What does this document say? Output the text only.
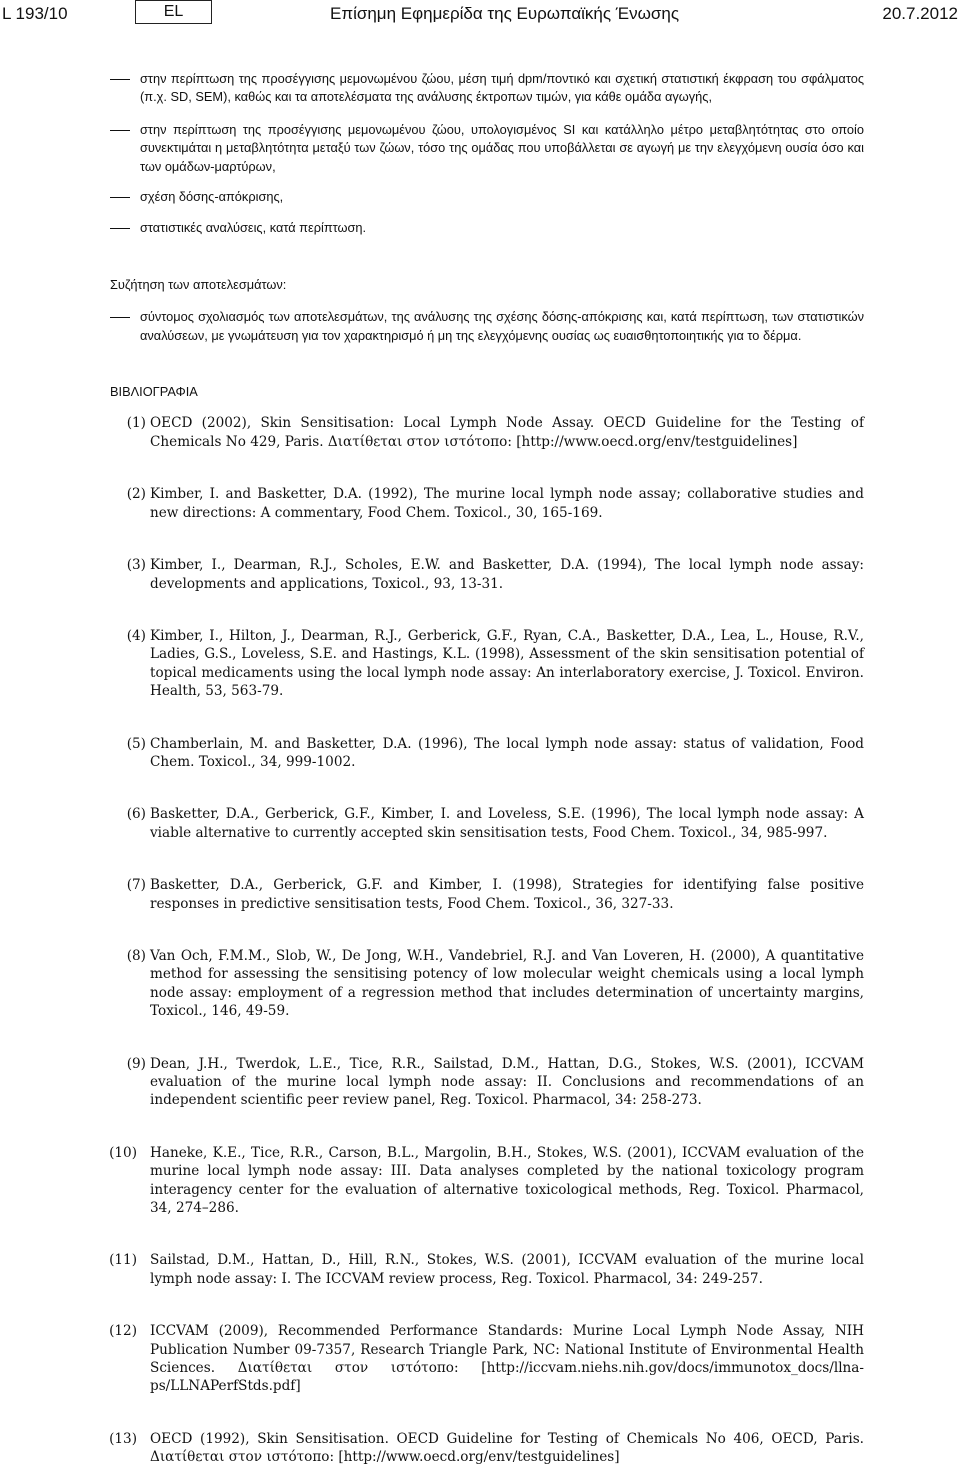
L 193/10	EL	Επίσημη Εφημερίδα της Ευρωπαϊκής Ένωσης	20.7.2012

στην περίπτωση της προσέγγισης μεμονωμένου ζώου, μέση τιμή dpm/ποντικό και σχετική στατιστική έκφραση του σφάλματος (π.χ. SD, SEM), καθώς και τα αποτελέσματα της ανάλυσης έκτροπων τιμών, για κάθε ομάδα αγωγής,

στην περίπτωση της προσέγγισης μεμονωμένου ζώου, υπολογισμένος SI και κατάλληλο μέτρο μεταβλητότητας στο οποίο συνεκτιμάται η μεταβλητότητα μεταξύ των ζώων, τόσο της ομάδας που υποβάλλεται σε αγωγή με την ελεγχόμενη ουσία όσο και των ομάδων-μαρτύρων,

σχέση δόσης-απόκρισης,

στατιστικές αναλύσεις, κατά περίπτωση.

Συζήτηση των αποτελεσμάτων:

σύντομος σχολιασμός των αποτελεσμάτων, της ανάλυσης της σχέσης δόσης-απόκρισης και, κατά περίπτωση, των στατιστικών αναλύσεων, με γνωμάτευση για τον χαρακτηρισμό ή μη της ελεγχόμενης ουσίας ως ευαισθητοποιητικής για το δέρμα.

ΒΙΒΛΙΟΓΡΑΦΙΑ

(1) OECD (2002), Skin Sensitisation: Local Lymph Node Assay. OECD Guideline for the Testing of Chemicals No 429, Paris. Διατίθεται στον ιστότοπο: [http://www.oecd.org/env/testguidelines]

(2) Kimber, I. and Basketter, D.A. (1992), The murine local lymph node assay; collaborative studies and new directions: A commentary, Food Chem. Toxicol., 30, 165-169.

(3) Kimber, I., Dearman, R.J., Scholes, E.W. and Basketter, D.A. (1994), The local lymph node assay: developments and applications, Toxicol., 93, 13-31.

(4) Kimber, I., Hilton, J., Dearman, R.J., Gerberick, G.F., Ryan, C.A., Basketter, D.A., Lea, L., House, R.V., Ladies, G.S., Loveless, S.E. and Hastings, K.L. (1998), Assessment of the skin sensitisation potential of topical medicaments using the local lymph node assay: An interlaboratory exercise, J. Toxicol. Environ. Health, 53, 563-79.

(5) Chamberlain, M. and Basketter, D.A. (1996), The local lymph node assay: status of validation, Food Chem. Toxicol., 34, 999-1002.

(6) Basketter, D.A., Gerberick, G.F., Kimber, I. and Loveless, S.E. (1996), The local lymph node assay: A viable alternative to currently accepted skin sensitisation tests, Food Chem. Toxicol., 34, 985-997.

(7) Basketter, D.A., Gerberick, G.F. and Kimber, I. (1998), Strategies for identifying false positive responses in predictive sensitisation tests, Food Chem. Toxicol., 36, 327-33.

(8) Van Och, F.M.M., Slob, W., De Jong, W.H., Vandebriel, R.J. and Van Loveren, H. (2000), A quantitative method for assessing the sensitising potency of low molecular weight chemicals using a local lymph node assay: employment of a regression method that includes determination of uncertainty margins, Toxicol., 146, 49-59.

(9) Dean, J.H., Twerdok, L.E., Tice, R.R., Sailstad, D.M., Hattan, D.G., Stokes, W.S. (2001), ICCVAM evaluation of the murine local lymph node assay: II. Conclusions and recommendations of an independent scientific peer review panel, Reg. Toxicol. Pharmacol, 34: 258-273.

(10) Haneke, K.E., Tice, R.R., Carson, B.L., Margolin, B.H., Stokes, W.S. (2001), ICCVAM evaluation of the murine local lymph node assay: III. Data analyses completed by the national toxicology program interagency center for the evaluation of alternative toxicological methods, Reg. Toxicol. Pharmacol, 34, 274–286.

(11) Sailstad, D.M., Hattan, D., Hill, R.N., Stokes, W.S. (2001), ICCVAM evaluation of the murine local lymph node assay: I. The ICCVAM review process, Reg. Toxicol. Pharmacol, 34: 249-257.

(12) ICCVAM (2009), Recommended Performance Standards: Murine Local Lymph Node Assay, NIH Publication Number 09-7357, Research Triangle Park, NC: National Institute of Environmental Health Sciences. Διατίθεται στον ιστότοπο: [http://iccvam.niehs.nih.gov/docs/immunotox_docs/llna-ps/LLNAPerfStds.pdf]

(13) OECD (1992), Skin Sensitisation. OECD Guideline for Testing of Chemicals No 406, OECD, Paris. Διατίθεται στον ιστότοπο: [http://www.oecd.org/env/testguidelines]
